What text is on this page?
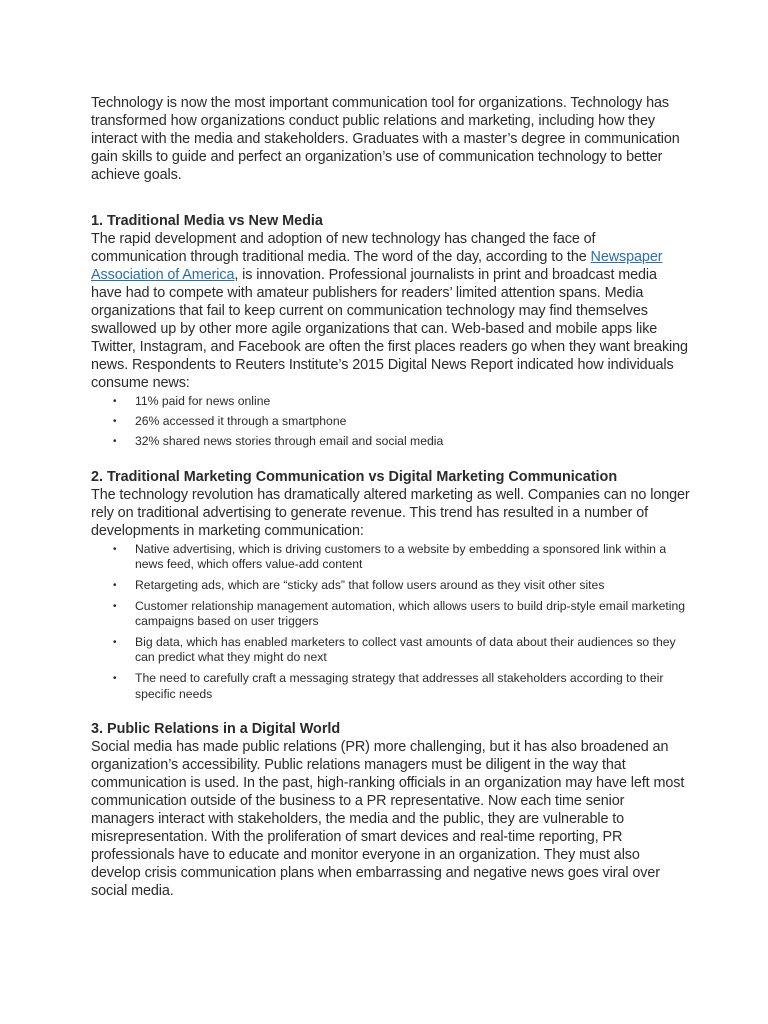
Technology is now the most important communication tool for organizations. Technology has transformed how organizations conduct public relations and marketing, including how they interact with the media and stakeholders. Graduates with a master’s degree in communication gain skills to guide and perfect an organization’s use of communication technology to better achieve goals.

1. Traditional Media vs New Media

The rapid development and adoption of new technology has changed the face of communication through traditional media. The word of the day, according to the Newspaper Association of America, is innovation. Professional journalists in print and broadcast media have had to compete with amateur publishers for readers’ limited attention spans. Media organizations that fail to keep current on communication technology may find themselves swallowed up by other more agile organizations that can. Web-based and mobile apps like Twitter, Instagram, and Facebook are often the first places readers go when they want breaking news. Respondents to Reuters Institute’s 2015 Digital News Report indicated how individuals consume news:

• 11% paid for news online
• 26% accessed it through a smartphone
• 32% shared news stories through email and social media
2. Traditional Marketing Communication vs Digital Marketing Communication

The technology revolution has dramatically altered marketing as well. Companies can no longer rely on traditional advertising to generate revenue. This trend has resulted in a number of developments in marketing communication:

• Native advertising, which is driving customers to a website by embedding a sponsored link within a news feed, which offers value-add content
• Retargeting ads, which are “sticky ads” that follow users around as they visit other sites
• Customer relationship management automation, which allows users to build drip-style email marketing campaigns based on user triggers
• Big data, which has enabled marketers to collect vast amounts of data about their audiences so they can predict what they might do next
• The need to carefully craft a messaging strategy that addresses all stakeholders according to their specific needs
3. Public Relations in a Digital World

Social media has made public relations (PR) more challenging, but it has also broadened an organization’s accessibility. Public relations managers must be diligent in the way that communication is used. In the past, high-ranking officials in an organization may have left most communication outside of the business to a PR representative. Now each time senior managers interact with stakeholders, the media and the public, they are vulnerable to misrepresentation. With the proliferation of smart devices and real-time reporting, PR professionals have to educate and monitor everyone in an organization. They must also develop crisis communication plans when embarrassing and negative news goes viral over social media.
